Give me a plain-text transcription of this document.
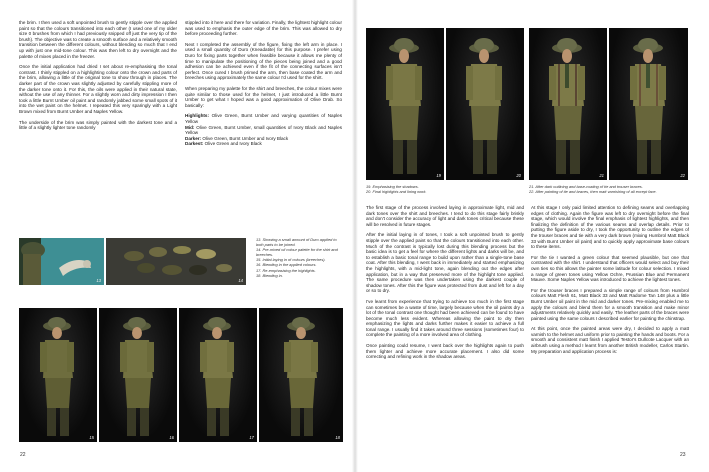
the brim. I then used a soft unpointed brush to gently stipple over the applied paint so that the colours transitioned into each other (I used one of my older size 0 brushes from which I had previously snipped off just the very tip of the brush). The objective was to create a smooth surface and a relatively smooth transition between the different colours, without blending so much that I end up with just one mid-tone colour. This was then left to dry overnight and the palette of mixes placed in the freezer.

Once the initial application had dried I set about re-emphasising the tonal contrast. I thinly stippled on a highlighting colour onto the crown and parts of the brim, allowing a little of the original tone to show through in places. The darker part of the crown was slightly adjusted by carefully stippling more of the darker tone onto it. For this, the oils were applied in their natural state, without the use of any thinner. For a slightly worn and dirty impression I then took a little Burnt Umber oil paint and randomly jabbed some small spots of it into the wet paint on the helmet. I repeated this very sparingly with a Light Brown mixed from Burnt Umber and Naples Yellow.

The underside of the brim was simply painted with the darkest tone and a little of a slightly lighter tone randomly

stippled into it here and there for variation. Finally, the lightest highlight colour was used to emphasis the outer edge of the brim. This was allowed to dry before proceeding further.

Next I completed the assembly of the figure, fixing the left arm in place. I used a small quantity of Duro (Kneadatite) for this purpose. I prefer using Duro for fixing parts together when feasible because it allows me plenty of time to manipulate the positioning of the pieces being joined and a good adhesion can be achieved even if the fit of the connecting surfaces isn't perfect. Once cured I brush primed the arm, then base coated the arm and breeches using approximately the same colour I'd used for the shirt.

When preparing my palette for the shirt and breeches, the colour mixes were quite similar to those used for the helmet, I just introduced a little Burnt Umber to get what I hoped was a good approximation of Olive Drab. So basically:

Highlights: Olive Green, Burnt Umber and varying quantities of Naples Yellow

Mid: Olive Green, Burnt Umber, small quantities of Ivory Black and Naples Yellow

Darker: Olive Green, Burnt Umber and Ivory Black

Darkest: Olive Green and Ivory Black

13	14
13. Showing a small amount of Duro applied to both parts to be joined.
14. Pre-mixed oil colour palette for the shirt and breeches.
15. Initial laying in of colours (breeches).
16. Blending in the applied colours.
17. Re-emphasising the highlights.
18. Blending in.
15	16	17	18
22
19	20	21	22
19. Emphasising the shadows.
20. Final highlights and lining work.
21. After dark outlining and base-coating of tie and trouser braces.
22. After painting of tie and braces, then matt varnishing of all except face.

The first stage of the process involved laying in approximate light, mid and dark tones over the shirt and breeches. I tend to do this stage fairly briskly and don't consider the accuracy of light and dark tones critical because these will be resolved in future stages.

After the initial laying in of tones, I took a soft unpointed brush to gently stipple over the applied paint so that the colours transitioned into each other. Much of the contrast is typically lost during this blending process but the basic idea is to get a feel for where the different lights and darks will be, and to establish a basic tonal range to build upon rather than a single-tone base coat. After this blending, I went back in immediately and started emphasizing the highlights, with a mid-light tone, again blending out the edges after application, but in a way that preserved more of the highlight tone applied. The same procedure was then undertaken using the darkest couple of shadow tones. After this the figure was protected from dust and left for a day or so to dry.

I've learnt from experience that trying to achieve too much in the first stage can sometimes be a waste of time, largely because when the oil paints dry a lot of the tonal contrast one thought had been achieved can be found to have become much less evident. Whereas allowing the paint to dry then emphasizing the lights and darks further makes it easier to achieve a full tonal range. I usually find it takes around three sessions (sometimes four) to complete the painting of a more involved area of clothing.

Once painting could resume, I went back over the highlights again to push them lighter and achieve more accurate placement. I also did some correcting and refining work in the shadow areas.

At this stage I only paid limited attention to defining seams and overlapping edges of clothing. Again the figure was left to dry overnight before the final stage, which would involve the final emphasis of lightest highlights, and then finalizing the definition of the various seams and overlap details. Prior to putting the figure aside to dry, I took the opportunity to outline the edges of the trouser braces and tie with a very dark brown (mixing Humbrol Matt Black 33 with Burnt Umber oil paint) and to quickly apply approximate base colours to these items.

For the tie I wanted a green colour that seemed plausible, but one that contrasted with the shirt. I understand that officers would select and buy their own ties so this allows the painter some latitude for colour selection. I mixed a range of green tones using Yellow Ochre, Prussian Blue and Permanent Mauve. Some Naples Yellow was introduced to achieve the lightest tones.

For the trouser braces I prepared a simple range of colours from Humbrol colours Matt Flesh 61, Matt Black 33 and Matt Radome Tan 148 plus a little Burnt Umber oil paint in the mid and darker tones. Pre-mixing enabled me to apply the colours and blend them for a smooth transition and make minor adjustments relatively quickly and easily. The leather parts of the braces were painted using the same colours I described earlier for painting the chinstrap.

At this point, once the painted areas were dry, I decided to apply a matt varnish to the helmet and uniform prior to painting the hands and boots. For a smooth and consistent matt finish I applied Testor's Dullcote Lacquer with an airbrush using a method I learnt from another British modeller, Carlos Startin. My preparation and application process is:

23
